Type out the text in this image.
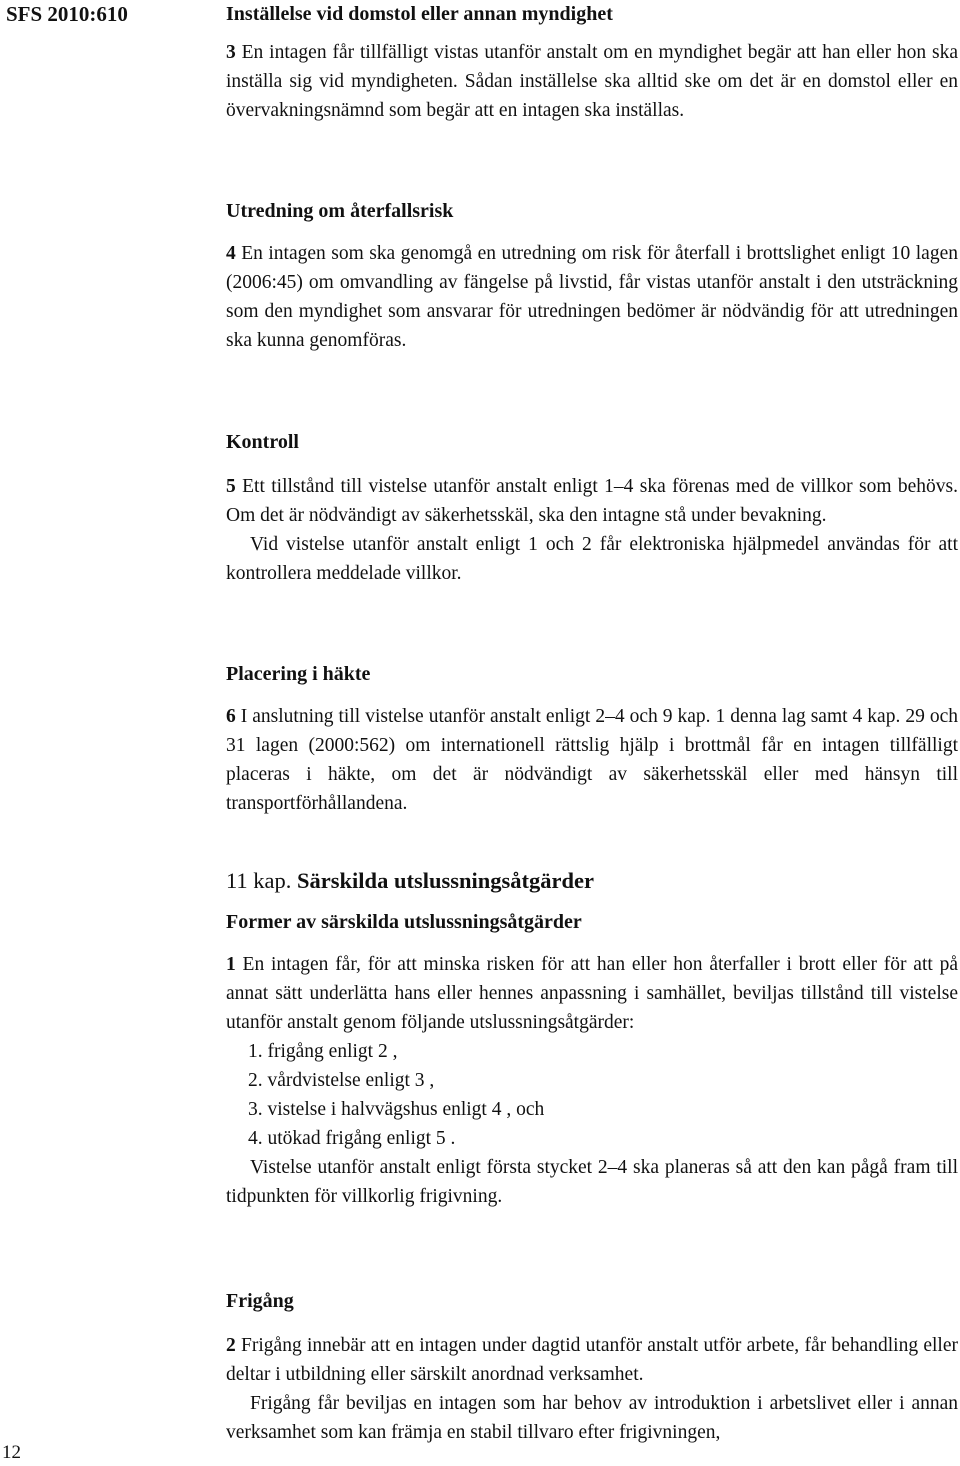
SFS 2010:610	Inställelse vid domstol eller annan myndighet

3 En intagen får tillfälligt vistas utanför anstalt om en myndighet begär att han eller hon ska inställa sig vid myndigheten. Sådan inställelse ska alltid ske om det är en domstol eller en övervakningsnämnd som begär att en intagen ska inställas.

Utredning om återfallsrisk

4 En intagen som ska genomgå en utredning om risk för återfall i brottslighet enligt 10 lagen (2006:45) om omvandling av fängelse på livstid, får vistas utanför anstalt i den utsträckning som den myndighet som ansvarar för utredningen bedömer är nödvändig för att utredningen ska kunna genomföras.

Kontroll

5 Ett tillstånd till vistelse utanför anstalt enligt 1–4 ska förenas med de villkor som behövs. Om det är nödvändigt av säkerhetsskäl, ska den intagne stå under bevakning.

Vid vistelse utanför anstalt enligt 1 och 2 får elektroniska hjälpmedel användas för att kontrollera meddelade villkor.

Placering i häkte

6 I anslutning till vistelse utanför anstalt enligt 2–4 och 9 kap. 1 denna lag samt 4 kap. 29 och 31 lagen (2000:562) om internationell rättslig hjälp i brottmål får en intagen tillfälligt placeras i häkte, om det är nödvändigt av säkerhetsskäl eller med hänsyn till transportförhållandena.

11 kap. Särskilda utslussningsåtgärder
Former av särskilda utslussningsåtgärder

1 En intagen får, för att minska risken för att han eller hon återfaller i brott eller för att på annat sätt underlätta hans eller hennes anpassning i samhället, beviljas tillstånd till vistelse utanför anstalt genom följande utslussningsåtgärder:

1. frigång enligt 2 ,

2. vårdvistelse enligt 3 ,

3. vistelse i halvvägshus enligt 4 , och

4. utökad frigång enligt 5 .

Vistelse utanför anstalt enligt första stycket 2–4 ska planeras så att den kan pågå fram till tidpunkten för villkorlig frigivning.

Frigång

2 Frigång innebär att en intagen under dagtid utanför anstalt utför arbete, får behandling eller deltar i utbildning eller särskilt anordnad verksamhet.

Frigång får beviljas en intagen som har behov av introduktion i arbetslivet eller i annan verksamhet som kan främja en stabil tillvaro efter frigivningen,

12
